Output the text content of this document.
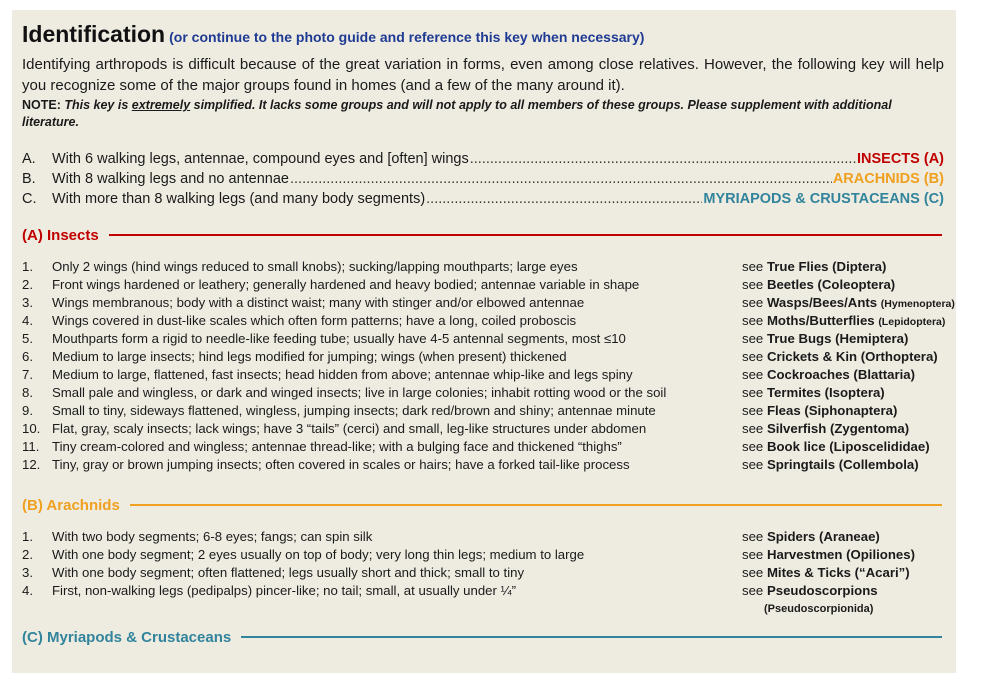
Identification (or continue to the photo guide and reference this key when necessary)

Identifying arthropods is difficult because of the great variation in forms, even among close relatives. However, the following key will help you recognize some of the major groups found in homes (and a few of the many around it).

NOTE: This key is extremely simplified. It lacks some groups and will not apply to all members of these groups. Please supplement with additional literature.

A.	With 6 walking legs, antennae, compound eyes and [often] wings .....	INSECTS (A)
B.	With 8 walking legs and no antennae .....	ARACHNIDS (B)
C.	With more than 8 walking legs (and many body segments) .....	MYRIAPODS & CRUSTACEANS (C)
(A) Insects
1.	Only 2 wings (hind wings reduced to small knobs); sucking/lapping mouthparts; large eyes	see True Flies (Diptera)
2.	Front wings hardened or leathery; generally hardened and heavy bodied; antennae variable in shape	see Beetles (Coleoptera)
3.	Wings membranous; body with a distinct waist; many with stinger and/or elbowed antennae	see Wasps/Bees/Ants (Hymenoptera)
4.	Wings covered in dust-like scales which often form patterns; have a long, coiled proboscis	see Moths/Butterflies (Lepidoptera)
5.	Mouthparts form a rigid to needle-like feeding tube; usually have 4-5 antennal segments, most ≤10	see True Bugs (Hemiptera)
6.	Medium to large insects; hind legs modified for jumping; wings (when present) thickened	see Crickets & Kin (Orthoptera)
7.	Medium to large, flattened, fast insects; head hidden from above; antennae whip-like and legs spiny	see Cockroaches (Blattaria)
8.	Small pale and wingless, or dark and winged insects; live in large colonies; inhabit rotting wood or the soil	see Termites (Isoptera)
9.	Small to tiny, sideways flattened, wingless, jumping insects; dark red/brown and shiny; antennae minute	see Fleas (Siphonaptera)
10. Flat, gray, scaly insects; lack wings; have 3 “tails” (cerci) and small, leg-like structures under abdomen	see Silverfish (Zygentoma)
11. Tiny cream-colored and wingless; antennae thread-like; with a bulging face and thickened “thighs”	see Book lice (Liposcelididae)
12. Tiny, gray or brown jumping insects; often covered in scales or hairs; have a forked tail-like process	see Springtails (Collembola)
(B) Arachnids
1.	With two body segments; 6-8 eyes; fangs; can spin silk	see Spiders (Araneae)
2.	With one body segment; 2 eyes usually on top of body; very long thin legs; medium to large	see Harvestmen (Opiliones)
3.	With one body segment; often flattened; legs usually short and thick; small to tiny	see Mites & Ticks (“Acari”)
4.	First, non-walking legs (pedipalps) pincer-like; no tail; small, at usually under ¼”	see Pseudoscorpions
(Pseudoscorpionida)
(C) Myriapods & Crustaceans
